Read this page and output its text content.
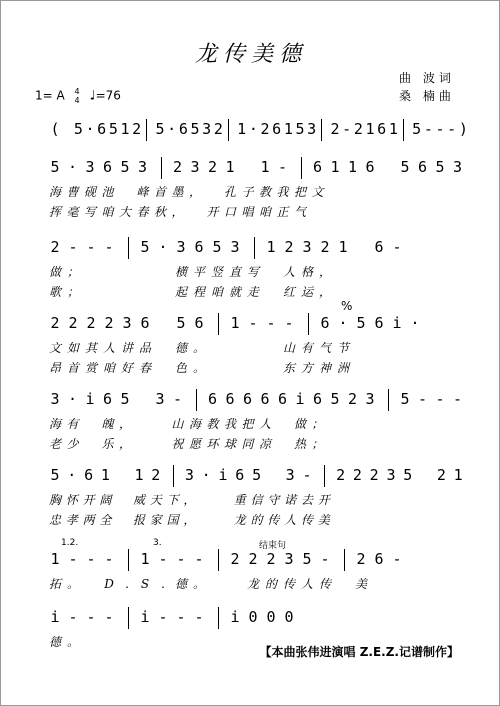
龙传美德
曲 波词
桑 楠曲
1= A 4
4 ♩=76
( 5 · 6 5 1 2 5 · 6 5 3 2 1 · 2 6 1 5 3 2 - 2 1 6 1 5 - - - )
5 · 3 6 5 3 2 3 2 1 1 - 6 1 1 6 5 6 5 3
海 曹 砚 池 峰 首 墨 ， 孔 子 教 我 把 文
挥 毫 写 咱 大 春 秋 ， 开 口 唱 咱 正 气
2 - - - 5 · 3 6 5 3 1 2 3 2 1 6 -
做 ；	横 平 竖 直 写 人 格 ，
歌 ；	起 程 咱 就 走 红 运 ，
2 2 2 2 3 6 5 6 1 - - - 6 · 5 6 i ·
文 如 其 人 讲 品 德 。	山 有 气 节
昂 首 赏 咱 好 春 色 。	东 方 神 洲
3 · i 6 5 3 - 6 6 6 6 6 i 6 5 2 3 5 - - -
海 有 魄 ，	山 海 教 我 把 人 做 ；
老 少 乐 ，	祝 愿 环 球 同 凉 热 ；
5 · 6 1 1 2 3 · i 6 5 3 - 2 2 2 3 5 2 1
胸 怀 开 阔 威 天 下 ，	重 信 守 诺 去 开
忠 孝 两 全 报 家 国 ，	龙 的 传 人 传 美
1 - - - 1 - - - 2 2 2 3 5 - 2 6 -
拓 。 D . S . 德 。	龙 的 传 人 传 美
i - - - i - - - i 0 0 0
德 。
1.2.	3.	结束句
%
【本曲张伟进演唱 Z.E.Z.记谱制作】
